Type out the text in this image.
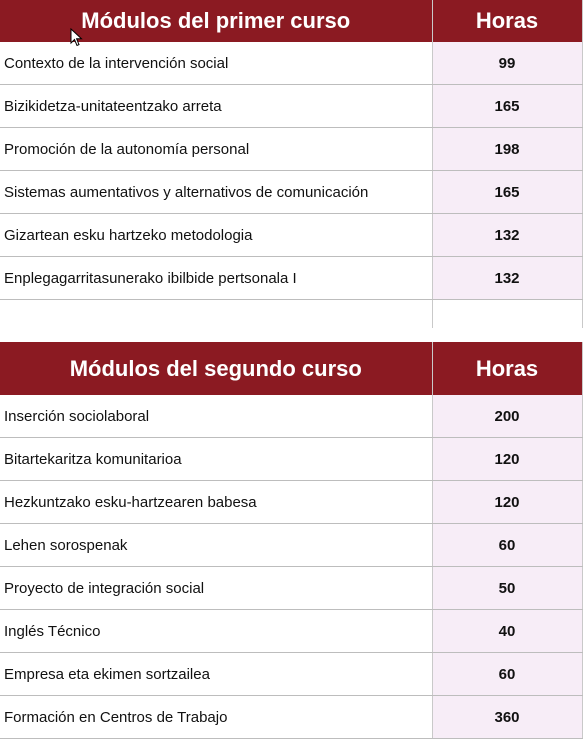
Módulos del primer curso	Horas
Contexto de la intervención social	99
Bizikidetza-unitateentzako arreta	165
Promoción de la autonomía personal	198
Sistemas aumentativos y alternativos de comunicación	165
Gizartean esku hartzeko metodologia	132
Enplegagarritasunerako ibilbide pertsonala I	132

Módulos del segundo curso	Horas
Inserción sociolaboral	200
Bitartekaritza komunitarioa	120
Hezkuntzako esku-hartzearen babesa	120
Lehen sorospenak	60
Proyecto de integración social	50
Inglés Técnico	40
Empresa eta ekimen sortzailea	60
Formación en Centros de Trabajo	360
